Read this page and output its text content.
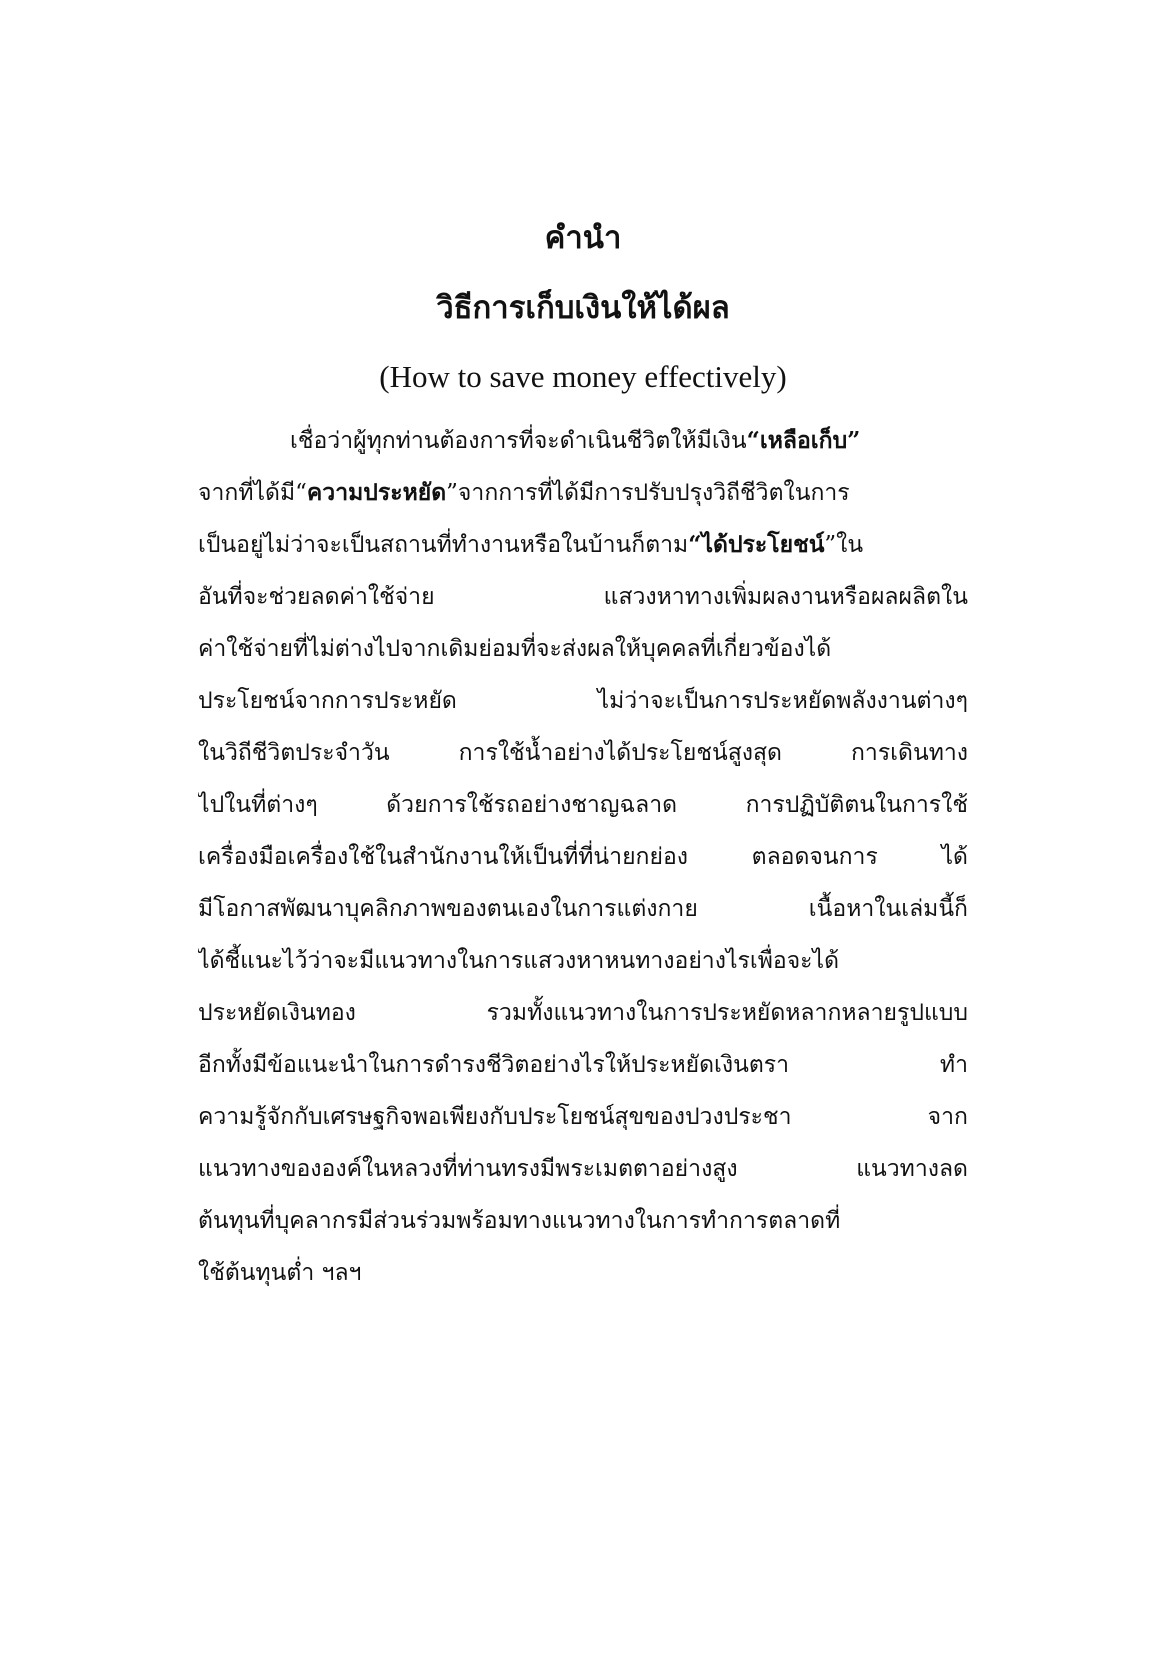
คำนำ
วิธีการเก็บเงินให้ได้ผล
(How to save money effectively)
เชื่อว่าผู้ทุกท่านต้องการที่จะดำเนินชีวิตให้มีเงิน“เหลือเก็บ”
จากที่ได้มี“ความประหยัด”จากการที่ได้มีการปรับปรุงวิถีชีวิตในการ
เป็นอยู่ไม่ว่าจะเป็นสถานที่ทำงานหรือในบ้านก็ตาม“ได้ประโยชน์”ใน
อันที่จะช่วยลดค่าใช้จ่าย แสวงหาทางเพิ่มผลงานหรือผลผลิตใน
ค่าใช้จ่ายที่ไม่ต่างไปจากเดิมย่อมที่จะส่งผลให้บุคคลที่เกี่ยวข้องได้
ประโยชน์จากการประหยัด ไม่ว่าจะเป็นการประหยัดพลังงานต่างๆ
ในวิถีชีวิตประจำวัน การใช้น้ำอย่างได้ประโยชน์สูงสุด การเดินทาง
ไปในที่ต่างๆ ด้วยการใช้รถอย่างชาญฉลาด การปฏิบัติตนในการใช้
เครื่องมือเครื่องใช้ในสำนักงานให้เป็นที่ที่น่ายกย่อง ตลอดจนการ ได้
มีโอกาสพัฒนาบุคลิกภาพของตนเองในการแต่งกาย เนื้อหาในเล่มนี้ก็
ได้ชี้แนะไว้ว่าจะมีแนวทางในการแสวงหาหนทางอย่างไรเพื่อจะได้
ประหยัดเงินทอง รวมทั้งแนวทางในการประหยัดหลากหลายรูปแบบ
อีกทั้งมีข้อแนะนำในการดำรงชีวิตอย่างไรให้ประหยัดเงินตรา ทำ
ความรู้จักกับเศรษฐกิจพอเพียงกับประโยชน์สุขของปวงประชา จาก
แนวทางขององค์ในหลวงที่ท่านทรงมีพระเมตตาอย่างสูง แนวทางลด
ต้นทุนที่บุคลากรมีส่วนร่วมพร้อมทางแนวทางในการทำการตลาดที่
ใช้ต้นทุนต่ำ ฯลฯ
